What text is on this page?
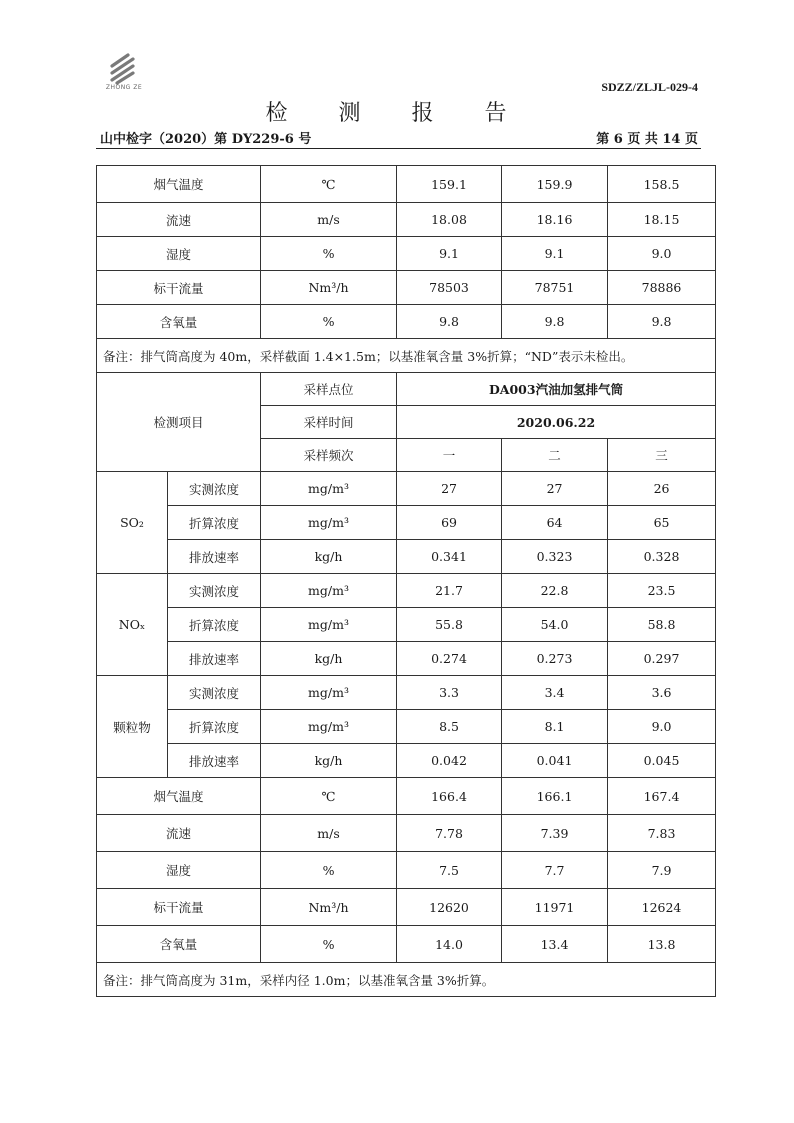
ZHONG ZE	SDZZ/ZLJL-029-4
检 测 报 告
山中检字（2020）第 DY229-6 号	第 6 页 共 14 页
烟气温度		℃	159.1	159.9	158.5
流速		m/s	18.08	18.16	18.15
湿度		%	9.1	9.1	9.0
标干流量		Nm³/h	78503	78751	78886
含氧量		%	9.8	9.8	9.8
备注：排气筒高度为 40m，采样截面 1.4×1.5m；以基准氧含量 3%折算；“ND”表示未检出。					
检测项目		采样点位	DA003汽油加氢排气筒		
		采样时间	2020.06.22		
		采样频次	一	二	三
SO₂	实测浓度	mg/m³	27	27	26
	折算浓度	mg/m³	69	64	65
	排放速率	kg/h	0.341	0.323	0.328
NOₓ	实测浓度	mg/m³	21.7	22.8	23.5
	折算浓度	mg/m³	55.8	54.0	58.8
	排放速率	kg/h	0.274	0.273	0.297
颗粒物	实测浓度	mg/m³	3.3	3.4	3.6
	折算浓度	mg/m³	8.5	8.1	9.0
	排放速率	kg/h	0.042	0.041	0.045
烟气温度		℃	166.4	166.1	167.4
流速		m/s	7.78	7.39	7.83
湿度		%	7.5	7.7	7.9
标干流量		Nm³/h	12620	11971	12624
含氧量		%	14.0	13.4	13.8
备注：排气筒高度为 31m，采样内径 1.0m；以基准氧含量 3%折算。					
